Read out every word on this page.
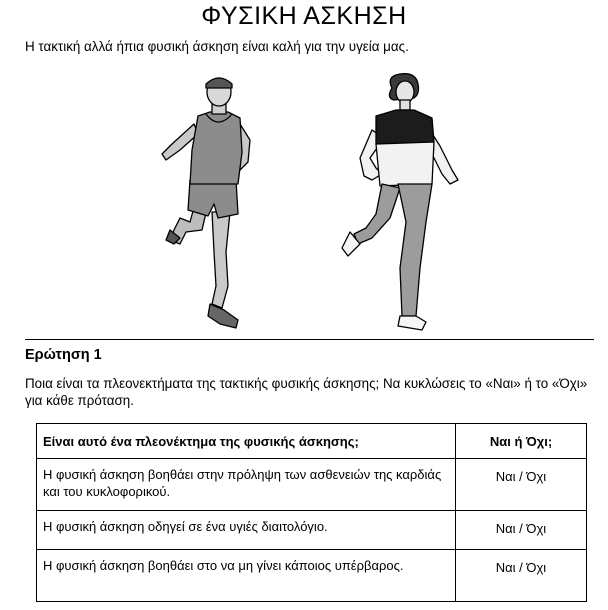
ΦΥΣΙΚΗ ΑΣΚΗΣΗ
Η τακτική αλλά ήπια φυσική άσκηση είναι καλή για την υγεία μας.
Ερώτηση 1
Ποια είναι τα πλεονεκτήματα της τακτικής φυσικής άσκησης; Να κυκλώσεις το «Ναι» ή το «Όχι» για κάθε πρόταση.
Είναι αυτό ένα πλεονέκτημα της φυσικής άσκησης;	Ναι ή Όχι;
Η φυσική άσκηση βοηθάει στην πρόληψη των ασθενειών της καρδιάς και του κυκλοφορικού.	Ναι / Όχι
Η φυσική άσκηση οδηγεί σε ένα υγιές διαιτολόγιο.	Ναι / Όχι
Η φυσική άσκηση βοηθάει στο να μη γίνει κάποιος υπέρβαρος.	Ναι / Όχι
